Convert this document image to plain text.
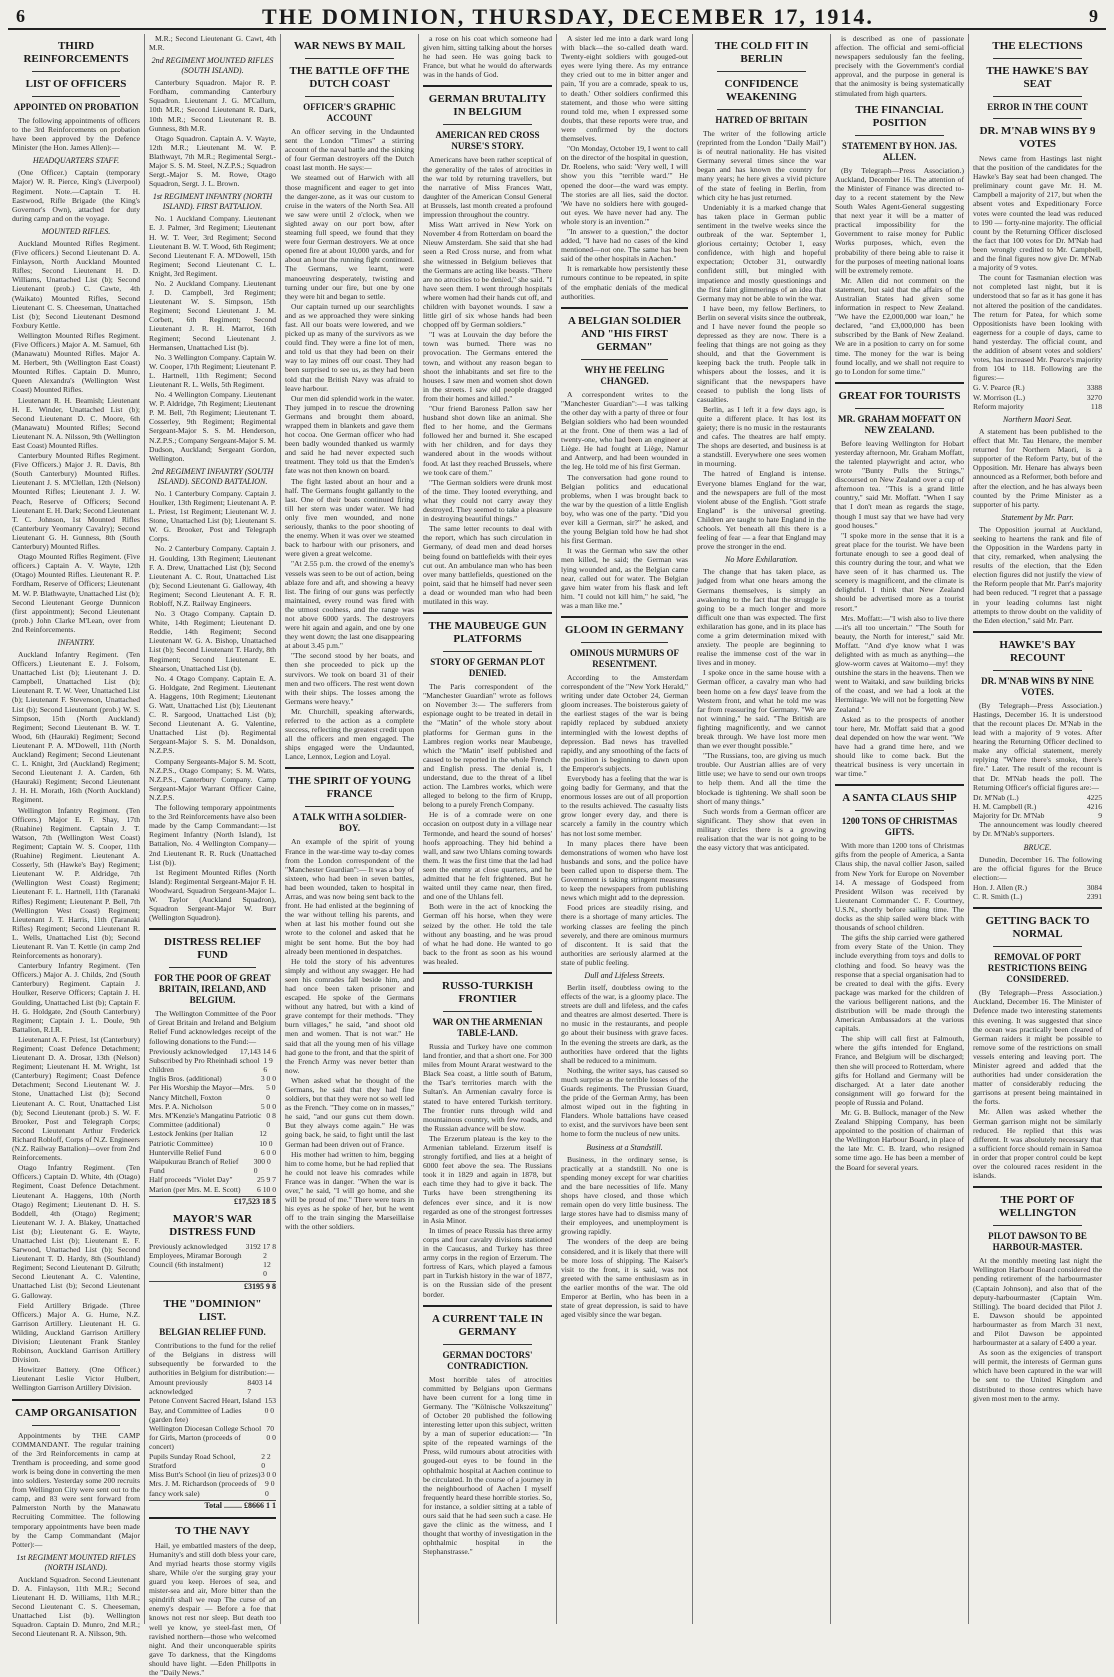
6	THE DOMINION, THURSDAY, DECEMBER 17, 1914.	9
THIRD REINFORCEMENTS
LIST OF OFFICERS
APPOINTED ON PROBATION

The following appointments of officers to the 3rd Reinforcements on probation have been approved by the Defence Minister (the Hon. James Allen):—

HEADQUARTERS STAFF.

(One Officer.) Captain (temporary Major) W. R. Pierce, King's (Liverpool) Regiment. Note.—Captain T. H. Eastwood, Rifle Brigade (the King's Governor's Own), attached for duty during camp and on the voyage.

MOUNTED RIFLES.

Auckland Mounted Rifles Regiment. (Five officers.) Second Lieutenant D. A. Finlayson, North Auckland Mounted Rifles; Second Lieutenant H. D. Williams, Unattached List (b); Second Lieutenant (prob.) C. Cawte, 4th (Waikato) Mounted Rifles, Second Lieutenant C. S. Cheeseman, Unattached List (b); Second Lieutenant Desmond Foxbury Kettle.

Wellington Mounted Rifles Regiment. (Five Officers.) Major A. M. Samuel, 6th (Manawatu) Mounted Rifles. Major A. M. Herbert, 9th (Wellington East Coast) Mounted Rifles. Captain D. Munro, Queen Alexandra's (Wellington West Coast) Mounted Rifles.

Lieutenant R. H. Beamish; Lieutenant H. E. Winder, Unattached List (b); Second Lieutenant D. C. Moore, 6th (Manawatu) Mounted Rifles; Second Lieutenant N. A. Nilsson, 9th (Wellington East Coast) Mounted Rifles.

Canterbury Mounted Rifles Regiment. (Five Officers.) Major J. R. Davis, 8th (South Canterbury) Mounted Rifles. Lieutenant J. S. M'Clellan, 12th (Nelson) Mounted Rifles; Lieutenant J. J. W. Peach, Reserve of Officers; Second Lieutenant E. H. Dark; Second Lieutenant T. C. Johnson, 1st Mounted Rifles (Canterbury Yeomanry Cavalry); Second Lieutenant G. H. Gunness, 8th (South Canterbury) Mounted Rifles.

Otago Mounted Rifles Regiment. (Five officers.) Captain A. V. Wayte, 12th (Otago) Mounted Rifles. Lieutenant R. P. Fordham, Reserve of Officers; Lieutenant M. W. P. Blathwayte, Unattached List (b); Second Lieutenant George Dunnicon (first appointment); Second Lieutenant (prob.) John Clarke M'Lean, over from 2nd Reinforcements.

INFANTRY.

Auckland Infantry Regiment. (Ten Officers.) Lieutenant E. J. Folsom, Unattached List (b); Lieutenant J. D. Campbell, Unattached List (b); Lieutenant R. T. W. Veer, Unattached List (b); Lieutenant F. Stevenson, Unattached List (b); Second Lieutenant (prob.) W. S. Simpson, 15th (North Auckland) Regiment; Second Lieutenant B. W. T. Wood, 6th (Hauraki) Regiment; Second Lieutenant P. A. M'Dowell, 11th (North Auckland) Regiment; Second Lieutenant C. L. Knight, 3rd (Auckland) Regiment; Second Lieutenant J. A. Carden, 6th (Hauraki) Regiment; Second Lieutenant J. H. H. Morath, 16th (North Auckland) Regiment.

Wellington Infantry Regiment. (Ten Officers.) Major E. F. Shay, 17th (Ruahine) Regiment. Captain J. T. Watson, 7th (Wellington West Coast) Regiment; Captain W. S. Cooper, 11th (Ruahine) Regiment. Lieutenant A. Cosserly, 5th (Hawke's Bay) Regiment; Lieutenant W. P. Aldridge, 7th (Wellington West Coast) Regiment; Lieutenant F. L. Hartnell, 11th (Taranaki Rifles) Regiment; Lieutenant P. Bell, 7th (Wellington West Coast) Regiment; Lieutenant J. T. Harris, 11th (Taranaki Rifles) Regiment; Second Lieutenant R. L. Wells, Unattached List (b); Second Lieutenant R. Van T. Kettle (in camp 2nd Reinforcements as honorary).

Canterbury Infantry Regiment. (Ten Officers.) Major A. J. Childs, 2nd (South Canterbury) Regiment. Captain J. Houlker, Reserve Officers; Captain J. H. Goulding, Unattached List (b); Captain F. H. G. Holdgate, 2nd (South Canterbury) Regiment; Captain J. L. Doule, 9th Battalion, R.I.R.

Lieutenant A. F. Priest, 1st (Canterbury) Regiment; Coast Defence Detachment; Lieutenant D. A. Drosar, 13th (Nelson) Regiment; Lieutenant H. M. Wright, 1st (Canterbury) Regiment; Coast Defence Detachment; Second Lieutenant W. J. Stone, Unattached List (b); Second Lieutenant A. C. Rout, Unattached List (b); Second Lieutenant (prob.) S. W. F. Brooker, Post and Telegraph Corps; Second Lieutenant Arthur Frederick Richard Robloff, Corps of N.Z. Engineers (N.Z. Railway Battalion)—over from 2nd Reinforcements.

Otago Infantry Regiment. (Ten Officers.) Captain D. White, 4th (Otago) Regiment, Coast Defence Detachment. Lieutenant A. Haggens, 10th (North Otago) Regiment; Lieutenant D. H. S. Boddell, 4th (Otago) Regiment; Lieutenant W. J. A. Blakey, Unattached List (b); Lieutenant G. E. Wayte, Unattached List (b); Lieutenant E. F. Sarwood, Unattached List (b); Second Lieutenant T. D. Hardy, 8th (Southland) Regiment; Second Lieutenant D. Gilruth; Second Lieutenant A. C. Valentine, Unattached List (b); Second Lieutenant G. Galloway.

Field Artillery Brigade. (Three Officers.) Major A. G. Hume, N.Z. Garrison Artillery. Lieutenant H. G. Wilding, Auckland Garrison Artillery Division; Lieutenant Frank Stanley Robinson, Auckland Garrison Artillery Division.

Howitzer Battery. (One Officer.) Lieutenant Leslie Victor Hulbert, Wellington Garrison Artillery Division.

CAMP ORGANISATION

Appointments by THE CAMP COMMANDANT. The regular training of the 3rd Reinforcements in camp at Trentham is proceeding, and some good work is being done in converting the men into soldiers. Yesterday some 200 recruits from Wellington City were sent out to the camp, and 83 were sent forward from Palmerston North by the Manawatu Recruiting Committee. The following temporary appointments have been made by the Camp Commandant (Major Potter):—

1st REGIMENT MOUNTED RIFLES (NORTH ISLAND).

Auckland Squadron. Second Lieutenant D. A. Finlayson, 11th M.R.; Second Lieutenant H. D. Williams, 11th M.R.; Second Lieutenant C. S. Cheeseman, Unattached List (b). Wellington Squadron. Captain D. Munro, 2nd M.R.; Second Lieutenant R. A. Nilsson, 9th.

M.R.; Second Lieutenant G. Cawt, 4th M.R.

2nd REGIMENT MOUNTED RIFLES (SOUTH ISLAND).

Canterbury Squadron. Major R. P. Fordham, commanding Canterbury Squadron. Lieutenant J. G. M'Callum, 10th M.R.; Second Lieutenant R. Dark, 10th M.R.; Second Lieutenant R. B. Gunness, 8th M.R.

Otago Squadron. Captain A. V. Wayte, 12th M.R.; Lieutenant M. W. P. Blathwayt, 7th M.R.; Regimental Sergt.-Major S. S. M. Steel, N.Z.P.S.; Squadron Sergt.-Major S. M. Rowe, Otago Squadron, Sergt. J. L. Brown.

1st REGIMENT INFANTRY (NORTH ISLAND). FIRST BATTALION.

No. 1 Auckland Company. Lieutenant E. J. Palmer, 3rd Regiment; Lieutenant H. W. T. Veer, 3rd Regiment; Second Lieutenant B. W. T. Wood, 6th Regiment; Second Lieutenant F. A. M'Dowell, 15th Regiment; Second Lieutenant C. L. Knight, 3rd Regiment.

No. 2 Auckland Company. Lieutenant J. D. Campbell, 3rd Regiment; Lieutenant W. S. Simpson, 15th Regiment; Second Lieutenant J. M. Corbett, 6th Regiment; Second Lieutenant J. R. H. Marrot, 16th Regiment; Second Lieutenant J. Hermansen, Unattached List (b).

No. 3 Wellington Company. Captain W. W. Cooper, 17th Regiment; Lieutenant P. L. Hartnell, 11th Regiment; Second Lieutenant R. L. Wells, 5th Regiment.

No. 4 Wellington Company. Lieutenant W. P. Aldridge, 7th Regiment; Lieutenant P. M. Bell, 7th Regiment; Lieutenant T. Cosserley, 9th Regiment; Regimental Sergeant-Major S. S. M. Henderson, N.Z.P.S.; Company Sergeant-Major S. M. Dudson, Auckland; Sergeant Gordon, Wellington.

2nd REGIMENT INFANTRY (SOUTH ISLAND). SECOND BATTALION.

No. 1 Canterbury Company. Captain J. Houlker, 13th Regiment; Lieutenant A. P. L. Priest, 1st Regiment; Lieutenant W. J. Stone, Unattached List (b); Lieutenant S. W. G. Brooker, Post and Telegraph Corps.

No. 2 Canterbury Company. Captain J. H. Goulding, 13th Regiment; Lieutenant F. A. Drew, Unattached List (b); Second Lieutenant A. C. Rout, Unattached List (b); Second Lieutenant G. Galloway, 4th Regiment; Second Lieutenant A. F. R. Robloff, N.Z. Railway Engineers.

No. 3 Otago Company. Captain D. White, 14th Regiment; Lieutenant D. Reddie, 14th Regiment; Second Lieutenant W. G. A. Bishop, Unattached List (b); Second Lieutenant T. Hardy, 8th Regiment; Second Lieutenant E. Shearson, Unattached List (b).

No. 4 Otago Company. Captain E. A. G. Holdgate, 2nd Regiment. Lieutenant A. Haggens, 10th Regiment; Lieutenant G. Watt, Unattached List (b); Lieutenant C. R. Sargood, Unattached List (b); Second Lieutenant A. G. Valentine, Unattached List (b). Regimental Sergeant-Major S. S. M. Donaldson, N.Z.P.S.

Company Sergeants-Major S. M. Scott, N.Z.P.S., Otago Company; S. M. Watts, N.Z.P.S., Canterbury Company. Camp Sergeant-Major Warrant Officer Caine, N.Z.P.S.

The following temporary appointments to the 3rd Reinforcements have also been made by the Camp Commandant:—1st Regiment Infantry (North Island), 1st Battalion, No. 4 Wellington Company—2nd Lieutenant R. R. Ruck (Unattached List (b)).

1st Regiment Mounted Rifles (North Island): Regimental Sergeant-Major F. H. Woodward, Squadron Sergeant-Major L. W. Taylor (Auckland Squadron), Squadron Sergeant-Major W. Burr (Wellington Squadron).

DISTRESS RELIEF FUND
FOR THE POOR OF GREAT BRITAIN, IRELAND, AND BELGIUM.

The Wellington Committee of the Poor of Great Britain and Ireland and Belgium Relief Fund acknowledges receipt of the following donations to the Fund:—

Previously acknowledged 17,143 14 6
Subscribed by Pro Rheinhadi school children
1 9 6
Inglis Bros. (additional)	3 0 0
Per His Worship the Mayor—Mrs. Nancy Mitchell, Foxton
5 0 0
Mrs. P. A. Nicholson	5 0 0
Mrs. M'Kenzie's Mangatinu Patriotic Committee (additional)
0 8 0
Lestock Jenkins (per Italian Patriotic Committee)
12 10 0
Hunterville Relief Fund	6 0 0
Waipukurau Branch of Relief Fund
300 0 0
Half proceeds "Violet Day"	25 9 7
Marion (per Mrs. M. E. Scott) 6 10 0
£17,523 18 5
MAYOR'S WAR DISTRESS FUND
Previously acknowledged 3192 17 8
Employees, Miramar Borough Council (6th instalment)
2 12 0
£3195 9 8
THE "DOMINION" LIST.
BELGIAN RELIEF FUND.

Contributions to the fund for the relief of the Belgians in distress will subsequently be forwarded to the authorities in Belgium for distribution:—

Amount previously acknowledged
8403 14 7
Petone Convent Sacred Heart, Island Bay, and Committee of Ladies (garden fete)
153 0 0
Wellington Diocesan College School for Girls, Marton (proceeds of concert)
70 0 0
Pupils Sunday Road School, Stratford
2 2 0
Miss Butt's School (in lieu of prizes) 3 0 0
Mrs. J. M. Richardson (proceeds of fancy work sale)
9 0 0
Total ......... £8666 1 1
TO THE NAVY

Hail, ye embattled masters of the deep, Humanity's and still doth bless your care, And myriad hearts those stormy vigils share, While o'er the surging gray your guard you keep. Heroes of sea, and mister-sea and air, More bitter than the spindrift shall we reap The curse of an enemy's despair — Before a foe that knows not rest nor sleep. But death too well ye know, ye steel-fast men, Of ravished northern—those who welcomed night. And their unconquerable spirits gave To darkness, that the Kingdoms should have light. —Eden Phillpotts in the "Daily News."

WAR NEWS BY MAIL
THE BATTLE OFF THE DUTCH COAST
OFFICER'S GRAPHIC ACCOUNT

An officer serving in the Undaunted sent the London "Times" a stirring account of the naval battle and the sinking of four German destroyers off the Dutch coast last month. He says:—

We steamed out of Harwich with all those magnificent and eager to get into the danger-zone, as it was our custom to cruise in the waters of the North Sea. All we saw were until 2 o'clock, when we sighted away on our port bow, after steaming full speed, we found that they were four German destroyers. We at once opened fire at about 10,000 yards, and for about an hour the running fight continued. The Germans, we learnt, were manoeuvring desperately, twisting and turning under our fire, but one by one they were hit and began to settle.

Our captain turned up our searchlights and as we approached they were sinking fast. All our boats were lowered, and we picked up as many of the survivors as we could find. They were a fine lot of men, and told us that they had been on their way to lay mines off our coast. They had been surprised to see us, as they had been told that the British Navy was afraid to leave harbour.

Our men did splendid work in the water. They jumped in to rescue the drowning Germans and brought them aboard, wrapped them in blankets and gave them hot cocoa. One German officer who had been badly wounded thanked us warmly and said he had never expected such treatment. They told us that the Emden's fate was not then known on board.

The fight lasted about an hour and a half. The Germans fought gallantly to the last. One of their boats continued firing till her stern was under water. We had only five men wounded, and none seriously, thanks to the poor shooting of the enemy. When it was over we steamed back to harbour with our prisoners, and were given a great welcome.

"At 2.55 p.m. the crowd of the enemy's vessels was seen to be out of action, being ablaze fore and aft, and showing a heavy list. The firing of our guns was perfectly maintained, every round was fired with the utmost coolness, and the range was not above 6000 yards. The destroyers were hit again and again, and one by one they went down; the last one disappearing at about 3.45 p.m."

"The second stood by her boats, and then she proceeded to pick up the survivors. We took on board 31 of their men and two officers. The rest went down with their ships. The losses among the Germans were heavy."

Mr. Churchill, speaking afterwards, referred to the action as a complete success, reflecting the greatest credit upon all the officers and men engaged. The ships engaged were the Undaunted, Lance, Lennox, Legion and Loyal.

THE SPIRIT OF YOUNG FRANCE
A TALK WITH A SOLDIER-BOY.

An example of the spirit of young France in the war-time way to-day comes from the London correspondent of the "Manchester Guardian":— It was a boy of sixteen, who had been in seven battles, had been wounded, taken to hospital in Arras, and was now being sent back to the front. He had enlisted at the beginning of the war without telling his parents, and when at last his mother found out she wrote to the colonel and asked that he might be sent home. But the boy had already been mentioned in despatches.

He told the story of his adventures simply and without any swagger. He had seen his comrades fall beside him, and had once been taken prisoner and escaped. He spoke of the Germans without any hatred, but with a kind of grave contempt for their methods. "They burn villages," he said, "and shoot old men and women. That is not war." He said that all the young men of his village had gone to the front, and that the spirit of the French Army was never better than now.

When asked what he thought of the Germans, he said that they had fine soldiers, but that they were not so well led as the French. "They come on in masses," he said, "and our guns cut them down. But they always come again." He was going back, he said, to fight until the last German had been driven out of France.

His mother had written to him, begging him to come home, but he had replied that he could not leave his comrades while France was in danger. "When the war is over," he said, "I will go home, and she will be proud of me." There were tears in his eyes as he spoke of her, but he went off to the train singing the Marseillaise with the other soldiers.

a rose on his coat which someone had given him, sitting talking about the horses he had seen. He was going back to France, but what he would do afterwards was in the hands of God.

GERMAN BRUTALITY IN BELGIUM
AMERICAN RED CROSS NURSE'S STORY.

Americans have been rather sceptical of the generality of the tales of atrocities in the war told by returning travellers, but the narrative of Miss Frances Watt, daughter of the American Consul General at Brussels, last month created a profound impression throughout the country.

Miss Watt arrived in New York on November 4 from Rotterdam on board the Nieuw Amsterdam. She said that she had seen a Red Cross nurse, and from what she witnessed in Belgium believes that the Germans are acting like beasts. "There are no atrocities to be denied," she said. "I have seen them. I went through hospitals where women had their hands cut off, and children with bayonet wounds. I saw a little girl of six whose hands had been chopped off by German soldiers."

"I was at Louvain the day before the town was burned. There was no provocation. The Germans entered the town, and without any reason began to shoot the inhabitants and set fire to the houses. I saw men and women shot down in the streets. I saw old people dragged from their homes and killed."

"Our friend Baroness Pallon saw her husband shot down like an animal. She fled to her home, and the Germans followed her and burned it. She escaped with her children, and for days they wandered about in the woods without food. At last they reached Brussels, where we took care of them."

"The German soldiers were drunk most of the time. They looted everything, and what they could not carry away they destroyed. They seemed to take a pleasure in destroying beautiful things."

The same letter recounts to deal with the report, which has such circulation in Germany, of dead men and dead horses being found on battlefields with their eyes cut out. An ambulance man who has been over many battlefields, questioned on the point, said that he himself had never seen a dead or wounded man who had been mutilated in this way.

THE MAUBEUGE GUN PLATFORMS
STORY OF GERMAN PLOT DENIED.

The Paris correspondent of the "Manchester Guardian" wrote as follows on November 3:— The sufferers from espionage ought to be treated in detail in the "Matin" of the whole story about platforms for German guns in the Lambres region works near Maubeuge, which the "Matin" itself published and caused to be reported in the whole French and English press. The denial is, I understand, due to the threat of a libel action. The Lambres works, which were alleged to belong to the firm of Krupp, belong to a purely French Company.

He is of a comrade were on one occasion on outpost duty in a village near Termonde, and heard the sound of horses' hoofs approaching. They hid behind a wall, and saw two Uhlans coming towards them. It was the first time that the lad had seen the enemy at close quarters, and he admitted that he felt frightened. But he waited until they came near, then fired, and one of the Uhlans fell.

Both were in the act of knocking the German off his horse, when they were seized by the other. He told the tale without any boasting, and he was proud of what he had done. He wanted to go back to the front as soon as his wound was healed.

RUSSO-TURKISH FRONTIER
WAR ON THE ARMENIAN TABLE-LAND.

Russia and Turkey have one common land frontier, and that a short one. For 300 miles from Mount Ararat westward to the Black Sea coast, a little south of Batum, the Tsar's territories march with the Sultan's. An Armenian cavalry force is stated to have entered Turkish territory. The frontier runs through wild and mountainous country, with few roads, and the Russian advance will be slow.

The Erzerum plateau is the key to the Armenian tableland. Erzerum itself is strongly fortified, and lies at a height of 6000 feet above the sea. The Russians took it in 1829 and again in 1878, but each time they had to give it back. The Turks have been strengthening its defences ever since, and it is now regarded as one of the strongest fortresses in Asia Minor.

In times of peace Russia has three army corps and four cavalry divisions stationed in the Caucasus, and Turkey has three army corps in the region of Erzerum. The fortress of Kars, which played a famous part in Turkish history in the war of 1877, is on the Russian side of the present border.

A CURRENT TALE IN GERMANY
GERMAN DOCTORS' CONTRADICTION.

Most horrible tales of atrocities committed by Belgians upon Germans have been current for a long time in Germany. The "Kölnische Volkszeitung" of October 20 published the following interesting letter upon this subject, written by a man of superior education:— "In spite of the repeated warnings of the Press, wild rumours about atrocities with gouged-out eyes to be found in the ophthalmic hospital at Aachen continue to be circulated. In the course of a journey in the neighbourhood of Aachen I myself frequently heard these horrible stories. So, for instance, a soldier sitting at a table of ours said that he had seen such a case. He gave the clinic as the witness, and I thought that worthy of investigation in the ophthalmic hospital in the Stephanstrasse."

A sister led me into a dark ward long with black—the so-called death ward. Twenty-eight soldiers with gouged-out eyes were lying there. As my entrance they cried out to me in bitter anger and pain, 'If you are a comrade, speak to us, to death.' Other soldiers confirmed this statement, and those who were sitting round told me, when I expressed some doubts, that these reports were true, and were confirmed by the doctors themselves.

"On Monday, October 19, I went to call on the director of the hospital in question, Dr. Roelens, who said: 'Very well, I will show you this "terrible ward."' He opened the door—the ward was empty. The stories are all lies, said the doctor. 'We have no soldiers here with gouged-out eyes. We have never had any. The whole story is an invention.'"

"In answer to a question," the doctor added, "I have had no cases of the kind mentioned—not one. The same has been said of the other hospitals in Aachen."

It is remarkable how persistently these rumours continue to be repeated, in spite of the emphatic denials of the medical authorities.

A BELGIAN SOLDIER AND "HIS FIRST GERMAN"
WHY HE FEELING CHANGED.

A correspondent writes to the "Manchester Guardian":—I was talking the other day with a party of three or four Belgian soldiers who had been wounded at the front. One of them was a lad of twenty-one, who had been an engineer at Liège. He had fought at Liège, Namur and Antwerp, and had been wounded in the leg. He told me of his first German.

The conversation had gone round to Belgian politics and educational problems, when I was brought back to the war by the question of a little English boy, who was one of the party. "Did you ever kill a German, sir?" he asked, and the young Belgian told how he had shot his first German.

It was the German who saw the other men killed, he said; the German was lying wounded and, as the Belgian came near, called out for water. The Belgian gave him water from his flask and left him. "I could not kill him," he said, "he was a man like me."

GLOOM IN GERMANY
OMINOUS MURMURS OF RESENTMENT.

According to the Amsterdam correspondent of the "New York Herald," writing under date October 24, German gloom increases. The boisterous gaiety of the earliest stages of the war is being rapidly replaced by subdued anxiety intermingled with the lowest depths of depression. Bad news has travelled rapidly, and any smoothing of the facts of the position is beginning to dawn upon the Emperor's subjects.

Everybody has a feeling that the war is going badly for Germany, and that the enormous losses are out of all proportion to the results achieved. The casualty lists grow longer every day, and there is scarcely a family in the country which has not lost some member.

In many places there have been demonstrations of women who have lost husbands and sons, and the police have been called upon to disperse them. The Government is taking stringent measures to keep the newspapers from publishing news which might add to the depression.

Food prices are steadily rising, and there is a shortage of many articles. The working classes are feeling the pinch severely, and there are ominous murmurs of discontent. It is said that the authorities are seriously alarmed at the state of public feeling.

Dull and Lifeless Streets.

Berlin itself, doubtless owing to the effects of the war, is a gloomy place. The streets are dull and lifeless, and the cafes and theatres are almost deserted. There is no music in the restaurants, and people go about their business with grave faces. In the evening the streets are dark, as the authorities have ordered that the lights shall be reduced to a minimum.

Nothing, the writer says, has caused so much surprise as the terrible losses of the Guards regiments. The Prussian Guard, the pride of the German Army, has been almost wiped out in the fighting in Flanders. Whole battalions have ceased to exist, and the survivors have been sent home to form the nucleus of new units.

Business at a Standstill.

Business, in the ordinary sense, is practically at a standstill. No one is spending money except for war charities and the bare necessities of life. Many shops have closed, and those which remain open do very little business. The large stores have had to dismiss many of their employees, and unemployment is growing rapidly.

The wonders of the deep are being considered, and it is likely that there will be more loss of shipping. The Kaiser's visit to the front, it is said, was not greeted with the same enthusiasm as in the earlier months of the war. The old Emperor at Berlin, who has been in a state of great depression, is said to have aged visibly since the war began.

THE COLD FIT IN BERLIN
CONFIDENCE WEAKENING
HATRED OF BRITAIN

The writer of the following article (reprinted from the London "Daily Mail") is of neutral nationality. He has visited Germany several times since the war began and has known the country for many years; he here gives a vivid picture of the state of feeling in Berlin, from which city he has just returned.

Undeniably it is a marked change that has taken place in German public sentiment in the twelve weeks since the outbreak of the war. September 1, glorious certainty; October 1, easy confidence, with high and hopeful expectation; October 31, outwardly confident still, but mingled with impatience and mostly questionings and the first faint glimmerings of an idea that Germany may not be able to win the war.

I have been, my fellow Berliners, to Berlin on several visits since the outbreak, and I have never found the people so depressed as they are now. There is a feeling that things are not going as they should, and that the Government is keeping back the truth. People talk in whispers about the losses, and it is significant that the newspapers have ceased to publish the long lists of casualties.

Berlin, as I left it a few days ago, is quite a different place. It has lost its gaiety; there is no music in the restaurants and cafes. The theatres are half empty. The shops are deserted, and business is at a standstill. Everywhere one sees women in mourning.

The hatred of England is intense. Everyone blames England for the war, and the newspapers are full of the most violent abuse of the English. "Gott strafe England" is the universal greeting. Children are taught to hate England in the schools. Yet beneath all this there is a feeling of fear — a fear that England may prove the stronger in the end.

No More Exhilaration.

The change that has taken place, as judged from what one hears among the Germans themselves, is simply an awakening to the fact that the struggle is going to be a much longer and more difficult one than was expected. The first exhilaration has gone, and in its place has come a grim determination mixed with anxiety. The people are beginning to realise the immense cost of the war in lives and in money.

I spoke once in the same house with a German officer, a cavalry man who had been home on a few days' leave from the Western front, and what he told me was far from reassuring for Germany. "We are not winning," he said. "The British are fighting magnificently, and we cannot break through. We have lost more men than we ever thought possible."

"The Russians, too, are giving us much trouble. Our Austrian allies are of very little use; we have to send our own troops to help them. And all the time the blockade is tightening. We shall soon be short of many things."

Such words from a German officer are significant. They show that even in military circles there is a growing realisation that the war is not going to be the easy victory that was anticipated.

is described as one of passionate affection. The official and semi-official newspapers sedulously fan the feeling, precisely with the Government's cordial approval, and the purpose in general is that the animosity is being systematically stimulated from high quarters.

THE FINANCIAL POSITION
STATEMENT BY HON. JAS. ALLEN.

(By Telegraph—Press Association.) Auckland, December 16. The attention of the Minister of Finance was directed to-day to a recent statement by the New South Wales Agent-General suggesting that next year it will be a matter of practical impossibility for the Government to raise money for Public Works purposes, which, even the probability of there being able to raise it for the purposes of meeting national loans will be extremely remote.

Mr. Allen did not comment on the statement, but said that the affairs of the Australian States had given some information in respect to New Zealand. "We have the £2,000,000 war loan," he declared, "and £3,000,000 has been subscribed by the Bank of New Zealand. We are in a position to carry on for some time. The money for the war is being found locally, and we shall not require to go to London for some time."

GREAT FOR TOURISTS
MR. GRAHAM MOFFATT ON NEW ZEALAND.

Before leaving Wellington for Hobart yesterday afternoon, Mr. Graham Moffatt, the talented playwright and actor, who wrote "Bunty Pulls the Strings," discoursed on New Zealand over a cup of afternoon tea. "This is a grand little country," said Mr. Moffatt. "When I say that I don't mean as regards the stage, though I must say that we have had very good houses."

"I spoke more in the sense that it is a great place for the tourist. We have been fortunate enough to see a good deal of this country during the tour, and what we have seen of it has charmed us. The scenery is magnificent, and the climate is delightful. I think that New Zealand should be advertised more as a tourist resort."

Mrs. Moffatt:—"I wish also to live there—it's all too uncertain." "The South for beauty, the North for interest," said Mr. Moffatt. "And d'ye know what I was delighted with as much as anything—the glow-worm caves at Waitomo—my! they outshine the stars in the heavens. Then we went to Waitaki, and saw building bricks of the coast, and we had a look at the Hermitage. We will not be forgetting New Zealand."

Asked as to the prospects of another tour here, Mr. Moffatt said that a good deal depended on how the war went. "We have had a grand time here, and we should like to come back. But the theatrical business is very uncertain in war time."

A SANTA CLAUS SHIP
1200 TONS OF CHRISTMAS GIFTS.

With more than 1200 tons of Christmas gifts from the people of America, a Santa Claus ship, the naval collier Jason, sailed from New York for Europe on November 14. A message of Godspeed from President Wilson was received by Lieutenant Commander C. F. Courtney, U.S.N., shortly before sailing time. The docks as the ship sailed were black with thousands of school children.

The gifts the ship carried were gathered from every State of the Union. They include everything from toys and dolls to clothing and food. So heavy was the response that a special organisation had to be created to deal with the gifts. Every package was marked for the children of the various belligerent nations, and the distribution will be made through the American Ambassadors at the various capitals.

The ship will call first at Falmouth, where the gifts intended for England, France, and Belgium will be discharged; then she will proceed to Rotterdam, where gifts for Holland and Germany will be discharged. At a later date another consignment will go forward for the people of Russia and Poland.

Mr. G. B. Bullock, manager of the New Zealand Shipping Company, has been appointed to the position of chairman of the Wellington Harbour Board, in place of the late Mr. C. B. Izard, who resigned some time ago. He has been a member of the Board for several years.

THE ELECTIONS
THE HAWKE'S BAY SEAT
ERROR IN THE COUNT
DR. M'NAB WINS BY 9 VOTES

News came from Hastings last night that the position of the candidates for the Hawke's Bay seat had been changed. The preliminary count gave Mr. H. M. Campbell a majority of 217, but when the absent votes and Expeditionary Force votes were counted the lead was reduced to 190 — forty-nine majority. The official count by the Returning Officer disclosed the fact that 100 votes for Dr. M'Nab had been wrongly credited to Mr. Campbell, and the final figures now give Dr. M'Nab a majority of 9 votes.

The count for Tasmanian election was not completed last night, but it is understood that so far as it has gone it has not altered the position of the candidates. The return for Patea, for which some Oppositionists have been looking with eagerness for a couple of days, came to hand yesterday. The official count, and the addition of absent votes and soldiers' votes, has increased Mr. Pearce's majority from 104 to 118. Following are the figures:—

G. V. Pearce (R.)	3388
W. Morrison (L.)	3270
Reform majority	118
Northern Maori Seat.

A statement has been published to the effect that Mr. Tau Henare, the member returned for Northern Maori, is a supporter of the Reform Party, but of the Opposition. Mr. Henare has always been announced as a Reformer, both before and after the election, and he has always been counted by the Prime Minister as a supporter of his party.

Statement by Mr. Parr.

The Opposition journal at Auckland, seeking to heartens the rank and file of the Opposition in the Wardens party in that city, remarked, when analysing the results of the election, that the Eden election figures did not justify the view of the Reform people that Mr. Parr's majority had been reduced. "I regret that a passage in your leading columns last night attempts to throw doubt on the validity of the Eden election," said Mr. Parr.

HAWKE'S BAY RECOUNT
DR. M'NAB WINS BY NINE VOTES.

(By Telegraph—Press Association.) Hastings, December 16. It is understood that the recount places Dr. M'Nab in the lead with a majority of 9 votes. After hearing the Returning Officer declined to make any official statement, merely replying "Where there's smoke, there's fire." Later. The result of the recount is that Dr. M'Nab heads the poll. The Returning Officer's official figures are:—

Dr. M'Nab (L.)	4225
H. M. Campbell (R.)	4216
Majority for Dr. M'Nab	9

The announcement was loudly cheered by Dr. M'Nab's supporters.

BRUCE.

Dunedin, December 16. The following are the official figures for the Bruce election:—

Hon. J. Allen (R.)	3084
C. R. Smith (L.)	2391
GETTING BACK TO NORMAL
REMOVAL OF PORT RESTRICTIONS BEING CONSIDERED.

(By Telegraph—Press Association.) Auckland, December 16. The Minister of Defence made two interesting statements this evening. It was suggested that since the ocean was practically been cleared of German raiders it might be possible to remove some of the restrictions on small vessels entering and leaving port. The Minister agreed and added that the authorities had under consideration the matter of considerably reducing the garrisons at present being maintained in the forts.

Mr. Allen was asked whether the German garrison might not be similarly reduced. He replied that this was different. It was absolutely necessary that a sufficient force should remain in Samoa in order that proper control could be kept over the coloured races resident in the islands.

THE PORT OF WELLINGTON
PILOT DAWSON TO BE HARBOUR-MASTER.

At the monthly meeting last night the Wellington Harbour Board considered the pending retirement of the harbourmaster (Captain Johnson), and also that of the deputy-harbourmaster (Captain Wm. Stilling). The board decided that Pilot J. E. Dawson should be appointed harbourmaster as from March 31 next, and Pilot Dawson be appointed harbourmaster at a salary of £400 a year.

As soon as the exigencies of transport will permit, the interests of German guns which have been captured in the war will be sent to the United Kingdom and distributed to those centres which have given most men to the army.
